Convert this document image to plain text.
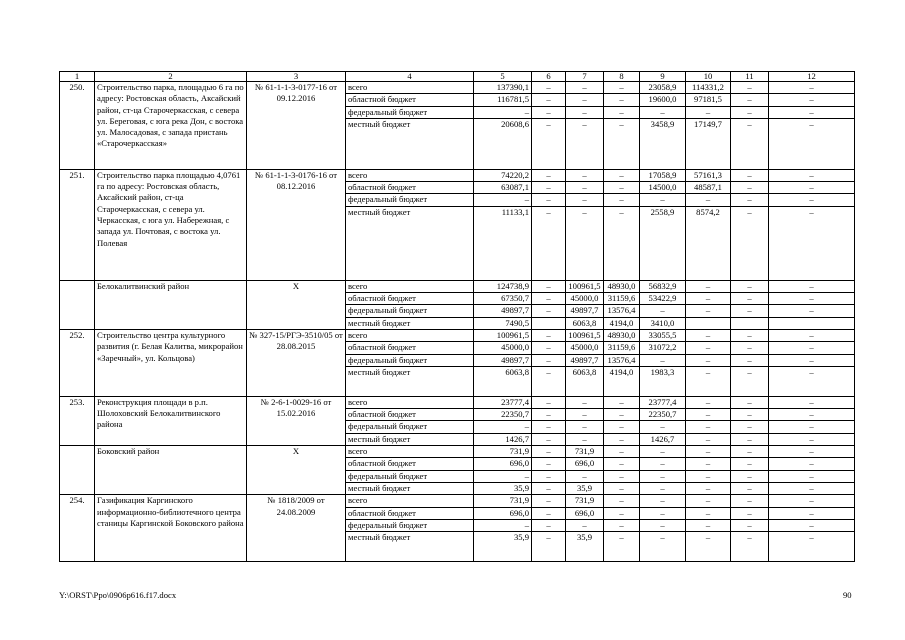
1	2	3	4	5	6	7	8	9	10	11	12
250.	Строительство парка, площадью 6 га по адресу: Ростовская область, Аксайский район, ст-ца Старочеркасская, с севера ул. Береговая, с юга река Дон, с востока ул. Малосадовая, с запада пристань «Старочеркасская»	№ 61-1-1-3-0177-16 от 09.12.2016	всего	137390,1	–	–	–	23058,9	114331,2	–	–
			областной бюджет	116781,5	–	–	–	19600,0	97181,5	–	–
			федеральный бюджет	–	–	–	–	–	–	–	–
			местный бюджет	20608,6	–	–	–	3458,9	17149,7	–	–
251.	Строительство парка площадью 4,0761 га по адресу: Ростовская область, Аксайский район, ст-ца Старочеркасская, с севера ул. Черкасская, с юга ул. Набережная, с запада ул. Почтовая, с востока ул. Полевая	№ 61-1-1-3-0176-16 от 08.12.2016	всего	74220,2	–	–	–	17058,9	57161,3	–	–
			областной бюджет	63087,1	–	–	–	14500,0	48587,1	–	–
			федеральный бюджет	–	–	–	–	–	–	–	–
			местный бюджет	11133,1	–	–	–	2558,9	8574,2	–	–
	Белокалитвинский район	Х	всего	124738,9	–	100961,5	48930,0	56832,9	–	–	–
			областной бюджет	67350,7	–	45000,0	31159,6	53422,9	–	–	–
			федеральный бюджет	49897,7	–	49897,7	13576,4	–	–	–	–
			местный бюджет	7490,5		6063,8	4194,0	3410,0			
252.	Строительство центра культурного развития (г. Белая Калитва, микрорайон «Заречный», ул. Кольцова)	№ 327-15/РГЭ-3510/05 от 28.08.2015	всего	100961,5	–	100961,5	48930,0	33055,5	–	–	–
			областной бюджет	45000,0	–	45000,0	31159,6	31072,2	–	–	–
			федеральный бюджет	49897,7	–	49897,7	13576,4	–	–	–	–
			местный бюджет	6063,8	–	6063,8	4194,0	1983,3	–	–	–
253.	Реконструкция площади в р.п. Шолоховский Белокалитвинского района	№ 2-6-1-0029-16 от 15.02.2016	всего	23777,4	–	–	–	23777,4	–	–	–
			областной бюджет	22350,7	–	–	–	22350,7	–	–	–
			федеральный бюджет	–	–	–	–	–	–	–	–
			местный бюджет	1426,7	–	–	–	1426,7	–	–	–
	Боковский район	Х	всего	731,9	–	731,9	–	–	–	–	–
			областной бюджет	696,0	–	696,0	–	–	–	–	–
			федеральный бюджет	–	–	–	–	–	–	–	–
			местный бюджет	35,9	–	35,9	–	–	–	–	–
254.	Газификация Каргинского информационно-библиотечного центра станицы Каргинской Боковского района	№ 1818/2009 от 24.08.2009	всего	731,9	–	731,9	–	–	–	–	–
			областной бюджет	696,0	–	696,0	–	–	–	–	–
			федеральный бюджет	–	–	–	–	–	–	–	–
			местный бюджет	35,9	–	35,9	–	–	–	–	–
Y:\ORST\Ppo\0906p616.f17.docx	90
